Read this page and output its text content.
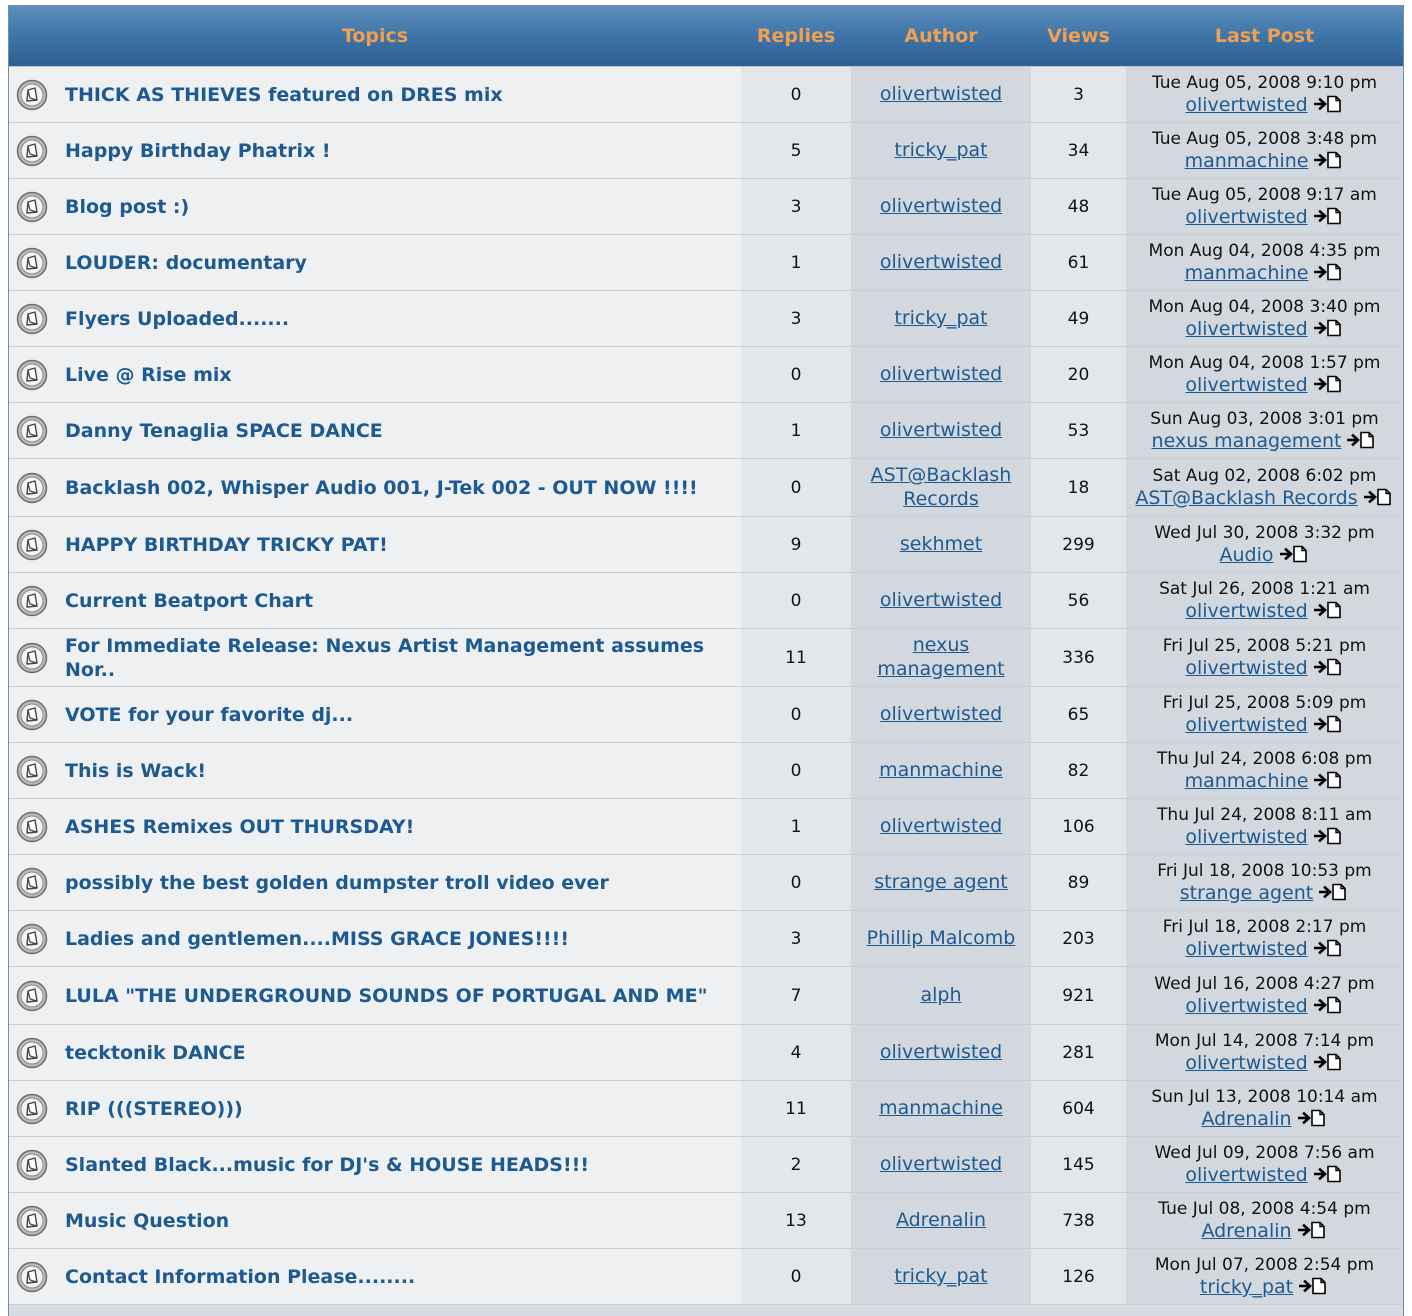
Topics		Replies	Author	Views	Last Post

THICK AS THIEVES featured on DRES mix	0	olivertwisted	3	Tue Aug 05, 2008 9:10 pm
olivertwisted

Happy Birthday Phatrix !	5	tricky_pat	34	Tue Aug 05, 2008 3:48 pm
manmachine

Blog post :)	3	olivertwisted	48	Tue Aug 05, 2008 9:17 am
olivertwisted

LOUDER: documentary	1	olivertwisted	61	Mon Aug 04, 2008 4:35 pm
manmachine

Flyers Uploaded.......	3	tricky_pat	49	Mon Aug 04, 2008 3:40 pm
olivertwisted

Live @ Rise mix	0	olivertwisted	20	Mon Aug 04, 2008 1:57 pm
olivertwisted

Danny Tenaglia SPACE DANCE	1	olivertwisted	53	Sun Aug 03, 2008 3:01 pm
nexus management

Backlash 002, Whisper Audio 001, J-Tek 002 - OUT NOW !!!!	0	AST@Backlash Records	18	Sat Aug 02, 2008 6:02 pm
AST@Backlash Records

HAPPY BIRTHDAY TRICKY PAT!	9	sekhmet	299	Wed Jul 30, 2008 3:32 pm
Audio

Current Beatport Chart	0	olivertwisted	56	Sat Jul 26, 2008 1:21 am
olivertwisted

For Immediate Release: Nexus Artist Management assumes Nor..	11	nexus management	336	Fri Jul 25, 2008 5:21 pm
olivertwisted

VOTE for your favorite dj...	0	olivertwisted	65	Fri Jul 25, 2008 5:09 pm
olivertwisted

This is Wack!	0	manmachine	82	Thu Jul 24, 2008 6:08 pm
manmachine

ASHES Remixes OUT THURSDAY!	1	olivertwisted	106	Thu Jul 24, 2008 8:11 am
olivertwisted

possibly the best golden dumpster troll video ever	0	strange agent	89	Fri Jul 18, 2008 10:53 pm
strange agent

Ladies and gentlemen....MISS GRACE JONES!!!!	3	Phillip Malcomb	203	Fri Jul 18, 2008 2:17 pm
olivertwisted

LULA "THE UNDERGROUND SOUNDS OF PORTUGAL AND ME"	7	alph	921	Wed Jul 16, 2008 4:27 pm
olivertwisted

tecktonik DANCE	4	olivertwisted	281	Mon Jul 14, 2008 7:14 pm
olivertwisted

RIP (((STEREO)))	11	manmachine	604	Sun Jul 13, 2008 10:14 am
Adrenalin

Slanted Black...music for DJ's & HOUSE HEADS!!!	2	olivertwisted	145	Wed Jul 09, 2008 7:56 am
olivertwisted

Music Question	13	Adrenalin	738	Tue Jul 08, 2008 4:54 pm
Adrenalin

Contact Information Please........	0	tricky_pat	126	Mon Jul 07, 2008 2:54 pm
tricky_pat
